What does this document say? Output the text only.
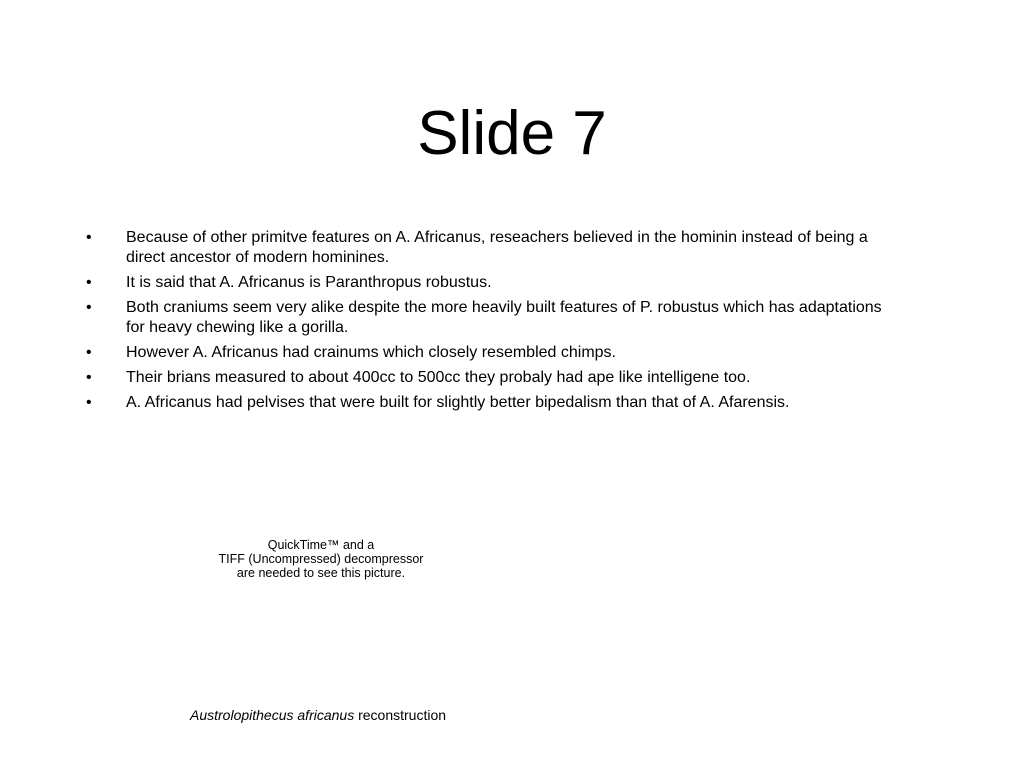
Slide 7
• Because of other primitve features on A. Africanus, reseachers believed in the hominin instead of being a
direct ancestor of modern hominines.
• It is said that A. Africanus is Paranthropus robustus.
• Both craniums seem very alike despite the more heavily built features of P. robustus which has adaptations
for heavy chewing like a gorilla.
• However A. Africanus had crainums which closely resembled chimps.
• Their brians measured to about 400cc to 500cc they probaly had ape like intelligene too.
• A. Africanus had pelvises that were built for slightly better bipedalism than that of A. Afarensis.
QuickTime™ and a
TIFF (Uncompressed) decompressor
are needed to see this picture.
Austrolopithecus africanus reconstruction
